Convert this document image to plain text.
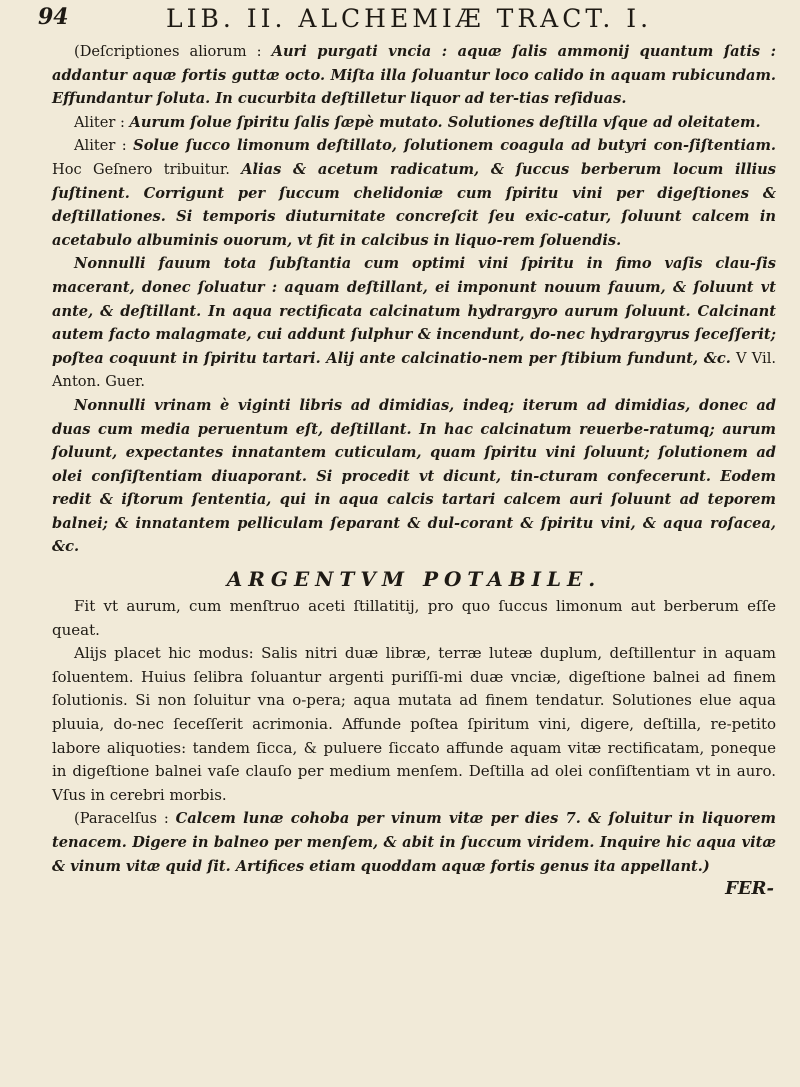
94	LIB. II. ALCHEMIÆ TRACT. I.

(Deſcriptiones aliorum : Auri purgati vncia : aquæ ſalis ammonij quantum ſatis : addantur aquæ fortis guttæ octo. Miſta illa ſoluantur loco calido in aquam rubicundam. Effundantur ſoluta. In cucurbita deſtilletur liquor ad ter-tias reſiduas.

Aliter : Aurum ſolue ſpiritu ſalis ſæpè mutato. Solutiones deſtilla vſque ad oleitatem.

Aliter : Solue ſucco limonum deſtillato, ſolutionem coagula ad butyri con-ſiſtentiam. Hoc Geſnero tribuitur. Alias & acetum radicatum, & ſuccus berberum locum illius ſuſtinent. Corrigunt per ſuccum chelidoniæ cum ſpiritu vini per digeſtiones & deſtillationes. Si temporis diuturnitate concreſcit ſeu exic-catur, ſoluunt calcem in acetabulo albuminis ouorum, vt fit in calcibus in liquo-rem ſoluendis.

Nonnulli fauum tota ſubſtantia cum optimi vini ſpiritu in fimo vaſis clau-ſis macerant, donec ſoluatur : aquam deſtillant, ei imponunt nouum fauum, & ſoluunt vt ante, & deſtillant. In aqua rectificata calcinatum hydrargyro aurum ſoluunt. Calcinant autem facto malagmate, cui addunt ſulphur & incendunt, do-nec hydrargyrus ſeceſſerit; poſtea coquunt in ſpiritu tartari. Alij ante calcinatio-nem per ſtibium fundunt, &c. V Vil. Anton. Guer.

Nonnulli vrinam è viginti libris ad dimidias, indeq; iterum ad dimidias, donec ad duas cum media peruentum eſt, deſtillant. In hac calcinatum reuerbe-ratumq; aurum ſoluunt, expectantes innatantem cuticulam, quam ſpiritu vini ſoluunt; ſolutionem ad olei conſiſtentiam diuaporant. Si procedit vt dicunt, tin-cturam confecerunt. Eodem redit & iſtorum ſententia, qui in aqua calcis tartari calcem auri ſoluunt ad teporem balnei; & innatantem pelliculam ſeparant & dul-corant & ſpiritu vini, & aqua roſacea, &c.

ARGENTVM POTABILE.

Fit vt aurum, cum menſtruo aceti ſtillatitij, pro quo ſuccus limonum aut berberum eſſe queat.

Alijs placet hic modus: Salis nitri duæ libræ, terræ luteæ duplum, deſtillentur in aquam ſoluentem. Huius ſelibra ſoluantur argenti puriſſi-mi duæ vnciæ, digeſtione balnei ad finem ſolutionis. Si non ſoluitur vna o-pera; aqua mutata ad finem tendatur. Solutiones elue aqua pluuia, do-nec ſeceſſerit acrimonia. Affunde poſtea ſpiritum vini, digere, deſtilla, re-petito labore aliquoties: tandem ſicca, & puluere ſiccato affunde aquam vitæ rectificatam, poneque in digeſtione balnei vaſe clauſo per medium menſem. Deſtilla ad olei conſiſtentiam vt in auro. Vſus in cerebri morbis.

(Paracelſus : Calcem lunæ cohoba per vinum vitæ per dies 7. & ſoluitur in liquorem tenacem. Digere in balneo per menſem, & abit in ſuccum viridem. Inquire hic aqua vitæ & vinum vitæ quid ſit. Artifices etiam quoddam aquæ fortis genus ita appellant.)

FER-
